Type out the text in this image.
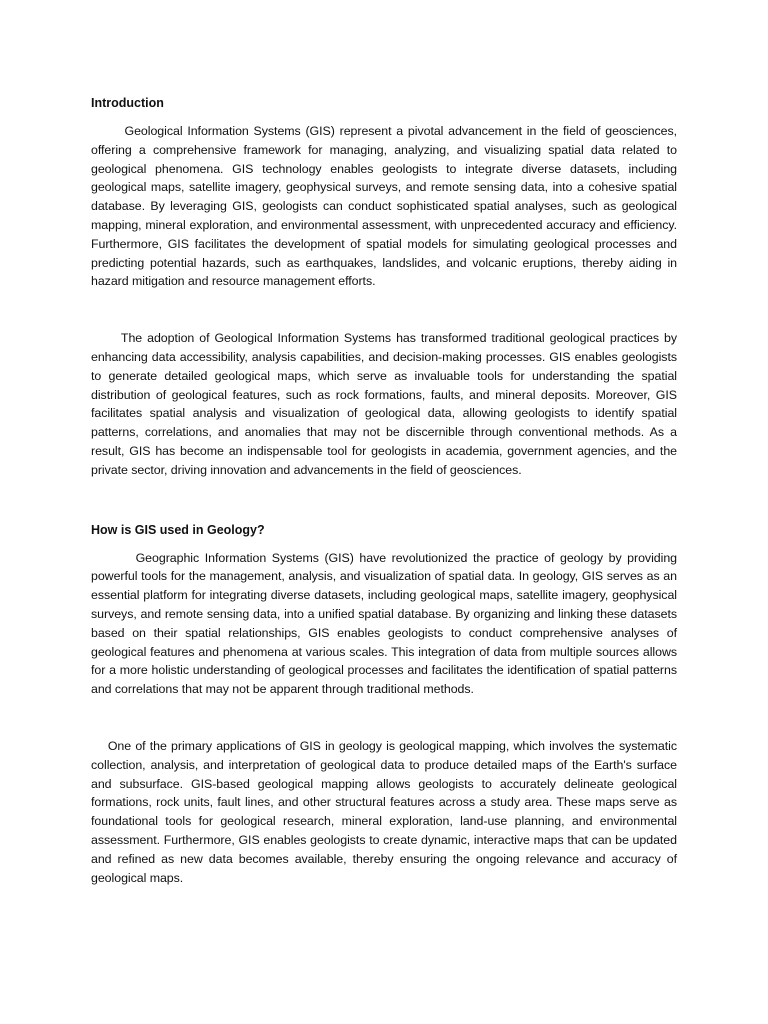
Introduction

Geological Information Systems (GIS) represent a pivotal advancement in the field of geosciences, offering a comprehensive framework for managing, analyzing, and visualizing spatial data related to geological phenomena. GIS technology enables geologists to integrate diverse datasets, including geological maps, satellite imagery, geophysical surveys, and remote sensing data, into a cohesive spatial database. By leveraging GIS, geologists can conduct sophisticated spatial analyses, such as geological mapping, mineral exploration, and environmental assessment, with unprecedented accuracy and efficiency. Furthermore, GIS facilitates the development of spatial models for simulating geological processes and predicting potential hazards, such as earthquakes, landslides, and volcanic eruptions, thereby aiding in hazard mitigation and resource management efforts.

The adoption of Geological Information Systems has transformed traditional geological practices by enhancing data accessibility, analysis capabilities, and decision-making processes. GIS enables geologists to generate detailed geological maps, which serve as invaluable tools for understanding the spatial distribution of geological features, such as rock formations, faults, and mineral deposits. Moreover, GIS facilitates spatial analysis and visualization of geological data, allowing geologists to identify spatial patterns, correlations, and anomalies that may not be discernible through conventional methods. As a result, GIS has become an indispensable tool for geologists in academia, government agencies, and the private sector, driving innovation and advancements in the field of geosciences.

How is GIS used in Geology?

Geographic Information Systems (GIS) have revolutionized the practice of geology by providing powerful tools for the management, analysis, and visualization of spatial data. In geology, GIS serves as an essential platform for integrating diverse datasets, including geological maps, satellite imagery, geophysical surveys, and remote sensing data, into a unified spatial database. By organizing and linking these datasets based on their spatial relationships, GIS enables geologists to conduct comprehensive analyses of geological features and phenomena at various scales. This integration of data from multiple sources allows for a more holistic understanding of geological processes and facilitates the identification of spatial patterns and correlations that may not be apparent through traditional methods.

One of the primary applications of GIS in geology is geological mapping, which involves the systematic collection, analysis, and interpretation of geological data to produce detailed maps of the Earth's surface and subsurface. GIS-based geological mapping allows geologists to accurately delineate geological formations, rock units, fault lines, and other structural features across a study area. These maps serve as foundational tools for geological research, mineral exploration, land-use planning, and environmental assessment. Furthermore, GIS enables geologists to create dynamic, interactive maps that can be updated and refined as new data becomes available, thereby ensuring the ongoing relevance and accuracy of geological maps.
